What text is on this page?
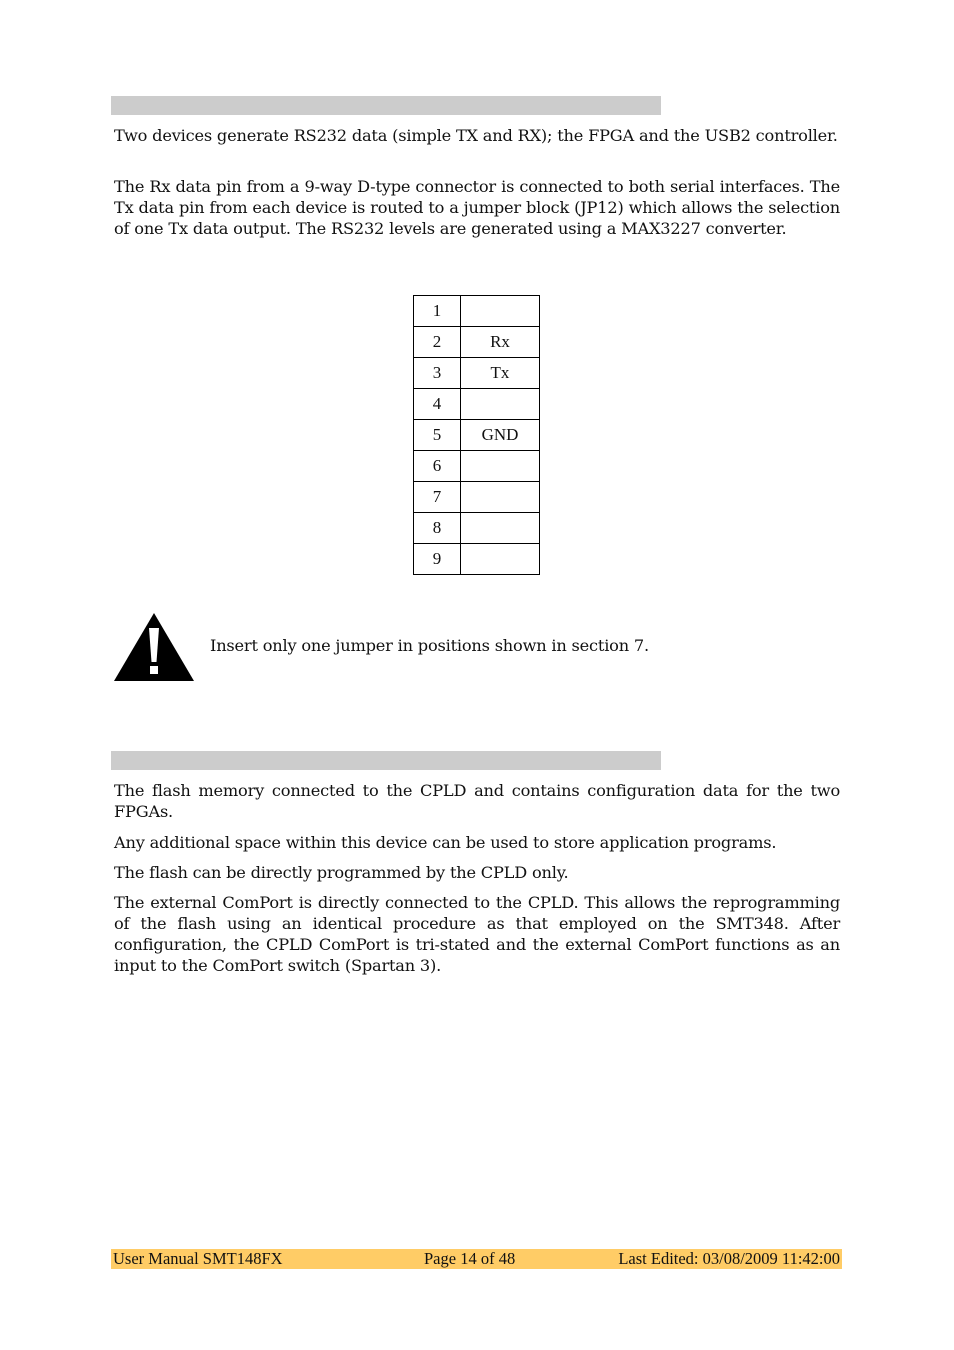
Two devices generate RS232 data (simple TX and RX); the FPGA and the USB2 controller.

The Rx data pin from a 9-way D-type connector is connected to both serial interfaces. The Tx data pin from each device is routed to a jumper block (JP12) which allows the selection of one Tx data output. The RS232 levels are generated using a MAX3227 converter.

1	
2	Rx
3	Tx
4	
5	GND
6	
7	
8	
9	

Insert only one jumper in positions shown in section 7.

The flash memory connected to the CPLD and contains configuration data for the two FPGAs.

Any additional space within this device can be used to store application programs.

The flash can be directly programmed by the CPLD only.

The external ComPort is directly connected to the CPLD. This allows the reprogramming of the flash using an identical procedure as that employed on the SMT348. After configuration, the CPLD ComPort is tri-stated and the external ComPort functions as an input to the ComPort switch (Spartan 3).

User Manual SMT148FX	Page 14 of 48	Last Edited: 03/08/2009 11:42:00
